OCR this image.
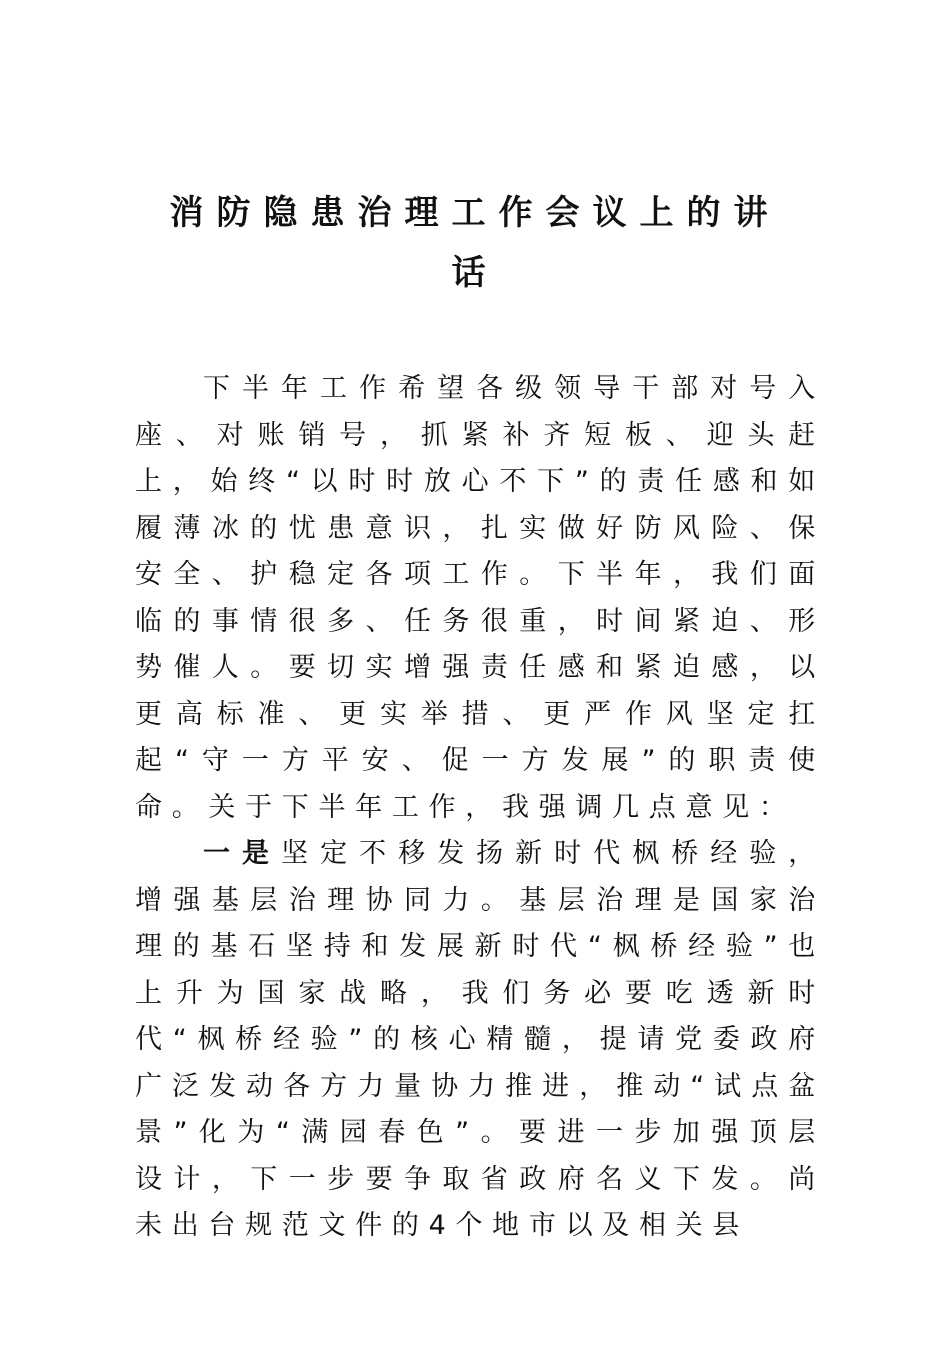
消防隐患治理工作会议上的讲
话

下半年工作希望各级领导干部对号入座、对账销号，抓紧补齐短板、迎头赶上，始终“以时时放心不下”的责任感和如履薄冰的忧患意识，扎实做好防风险、保安全、护稳定各项工作。下半年，我们面临的事情很多、任务很重，时间紧迫、形势催人。要切实增强责任感和紧迫感，以更高标准、更实举措、更严作风坚定扛起“守一方平安、促一方发展”的职责使命。关于下半年工作，我强调几点意见：

一是坚定不移发扬新时代枫桥经验，增强基层治理协同力。基层治理是国家治理的基石坚持和发展新时代“枫桥经验”也上升为国家战略，我们务必要吃透新时代“枫桥经验”的核心精髓，提请党委政府广泛发动各方力量协力推进，推动“试点盆景”化为“满园春色”。要进一步加强顶层设计，下一步要争取省政府名义下发。尚未出台规范文件的4个地市以及相关县
